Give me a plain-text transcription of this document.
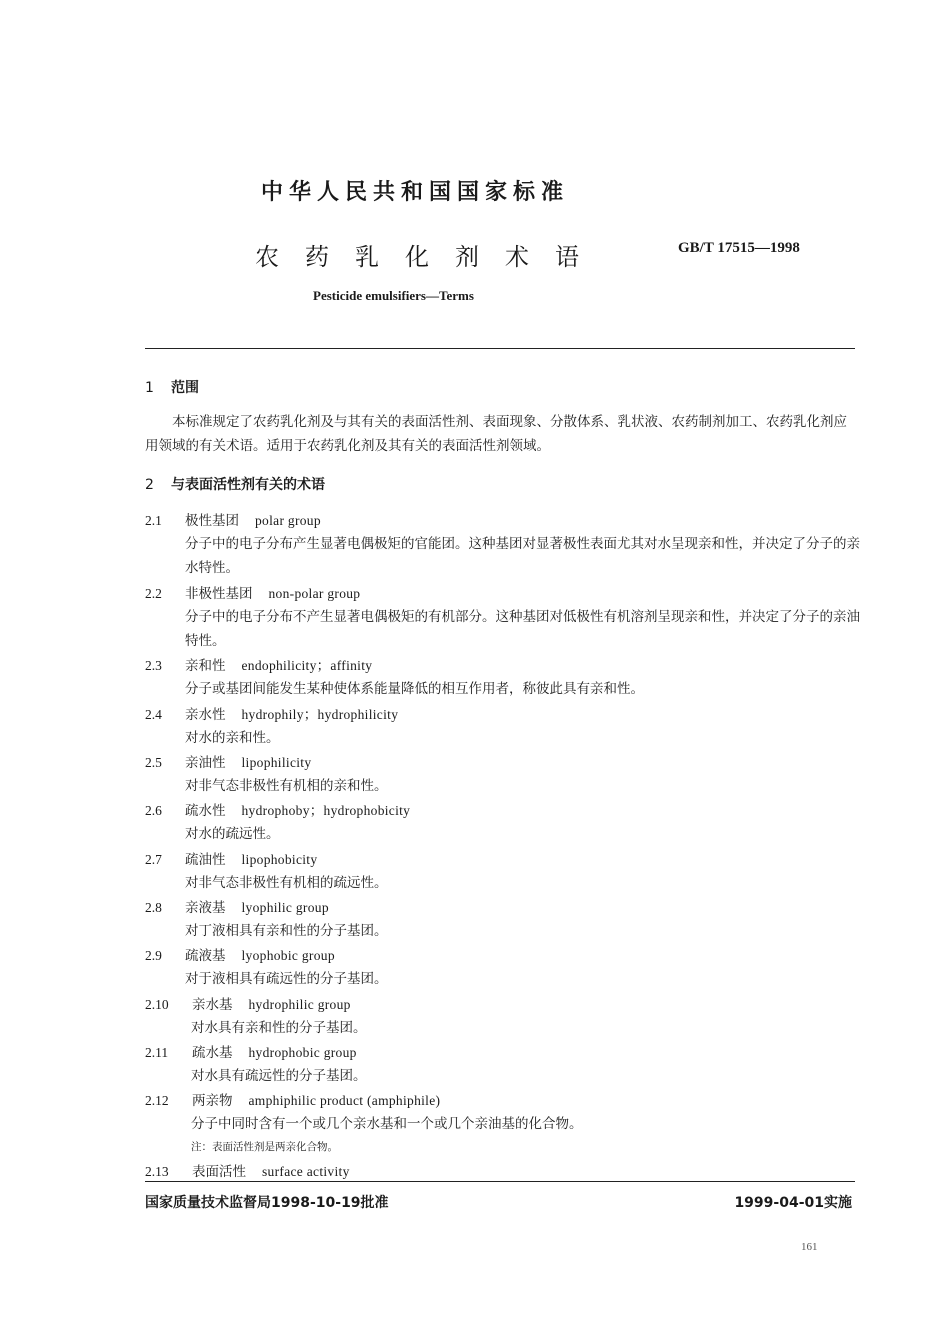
中华人民共和国国家标准
农药乳化剂术语	GB/T 17515—1998
Pesticide emulsifiers—Terms
1 范围
本标准规定了农药乳化剂及与其有关的表面活性剂、表面现象、分散体系、乳状液、农药制剂加工、农药乳化剂应用领域的有关术语。适用于农药乳化剂及其有关的表面活性剂领域。
2 与表面活性剂有关的术语
2.1 极性基团 polar group
分子中的电子分布产生显著电偶极矩的官能团。这种基团对显著极性表面尤其对水呈现亲和性，并决定了分子的亲水特性。
2.2 非极性基团 non-polar group
分子中的电子分布不产生显著电偶极矩的有机部分。这种基团对低极性有机溶剂呈现亲和性，并决定了分子的亲油特性。
2.3 亲和性 endophilicity；affinity
分子或基团间能发生某种使体系能量降低的相互作用者，称彼此具有亲和性。
2.4 亲水性 hydrophily；hydrophilicity
对水的亲和性。
2.5 亲油性 lipophilicity
对非气态非极性有机相的亲和性。
2.6 疏水性 hydrophoby；hydrophobicity
对水的疏远性。
2.7 疏油性 lipophobicity
对非气态非极性有机相的疏远性。
2.8 亲液基 lyophilic group
对丁液相具有亲和性的分子基团。
2.9 疏液基 lyophobic group
对于液相具有疏远性的分子基团。
2.10 亲水基 hydrophilic group
对水具有亲和性的分子基团。
2.11 疏水基 hydrophobic group
对水具有疏远性的分子基团。
2.12 两亲物 amphiphilic product (amphiphile)
分子中同时含有一个或几个亲水基和一个或几个亲油基的化合物。
注：表面活性剂是两亲化合物。
2.13 表面活性 surface activity
国家质量技术监督局1998-10-19批准	1999-04-01实施
161
